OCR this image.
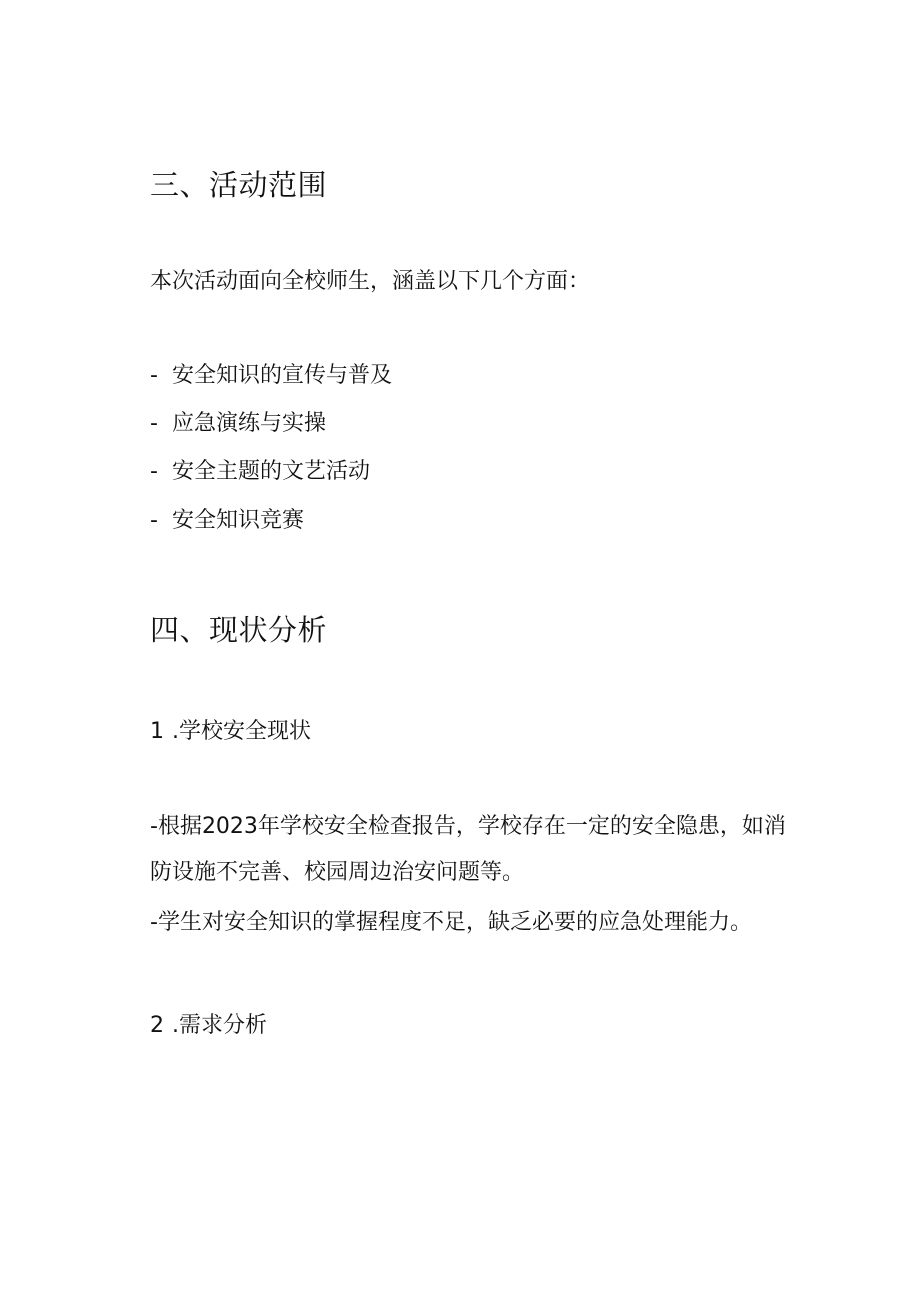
三、活动范围

本次活动面向全校师生，涵盖以下几个方面：

- 安全知识的宣传与普及
- 应急演练与实操
- 安全主题的文艺活动
- 安全知识竞赛
四、现状分析
1 .学校安全现状
-根据2023年学校安全检查报告，学校存在一定的安全隐患，如消
防设施不完善、校园周边治安问题等。
-学生对安全知识的掌握程度不足，缺乏必要的应急处理能力。
2 .需求分析
